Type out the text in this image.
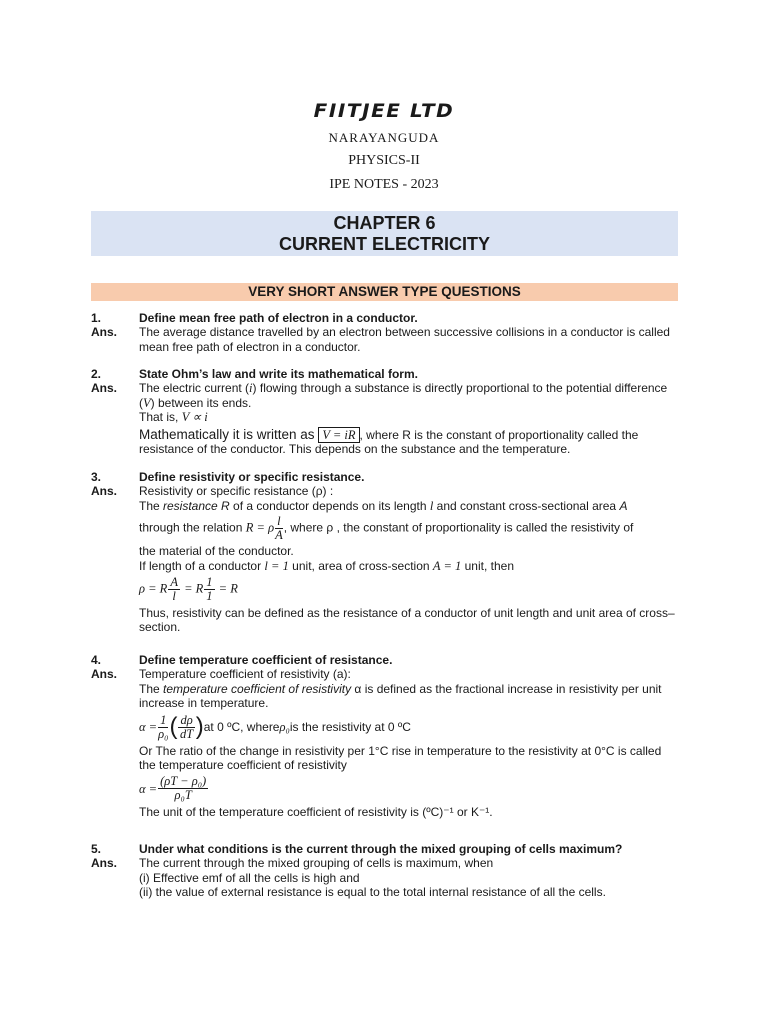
FIITJEE LTD
NARAYANGUDA
PHYSICS-II
IPE NOTES - 2023
CHAPTER 6
CURRENT ELECTRICITY
VERY SHORT ANSWER TYPE QUESTIONS
1.	Define mean free path of electron in a conductor.
Ans.	The average distance travelled by an electron between successive collisions in a conductor is called mean free path of electron in a conductor.
2.	State Ohm’s law and write its mathematical form.
Ans.	The electric current (i) flowing through a substance is directly proportional to the potential difference (V) between its ends.
That is, V ∝ i
Mathematically it is written as V = iR , where R is the constant of proportionality called the resistance of the conductor. This depends on the substance and the temperature.
3.	Define resistivity or specific resistance.
Ans.	Resistivity or specific resistance (ρ) :
The resistance R of a conductor depends on its length l and constant cross-sectional area A
through the relation R = ρ $\frac{l}{A}$ , where ρ , the constant of proportionality is called the resistivity of
the material of the conductor.
If length of a conductor l = 1 unit, area of cross-section A = 1 unit, then
ρ = R $\frac{A}{l} = R \frac{1}{1} = R$
Thus, resistivity can be defined as the resistance of a conductor of unit length and unit area of cross–section.
4.	Define temperature coefficient of resistance.
Ans.	Temperature coefficient of resistivity (a):
The temperature coefficient of resistivity α is defined as the fractional increase in resistivity per unit increase in temperature.
$\alpha = \frac{1}{\text{ρ₀}}$ ( $\frac{d\rho}{dT}$ ) at 0 ºC, where ρ₀ is the resistivity at 0 ºC
Or The ratio of the change in resistivity per 1°C rise in temperature to the resistivity at 0°C is called the temperature coefficient of resistivity
$\alpha = \frac{\text{(ρT − ρ₀)}}{\text{ρ₀T}}$
The unit of the temperature coefficient of resistivity is (ºC)⁻¹ or K⁻¹.
5.	Under what conditions is the current through the mixed grouping of cells maximum?
Ans.	The current through the mixed grouping of cells is maximum, when
(i) Effective emf of all the cells is high and
(ii) the value of external resistance is equal to the total internal resistance of all the cells.
